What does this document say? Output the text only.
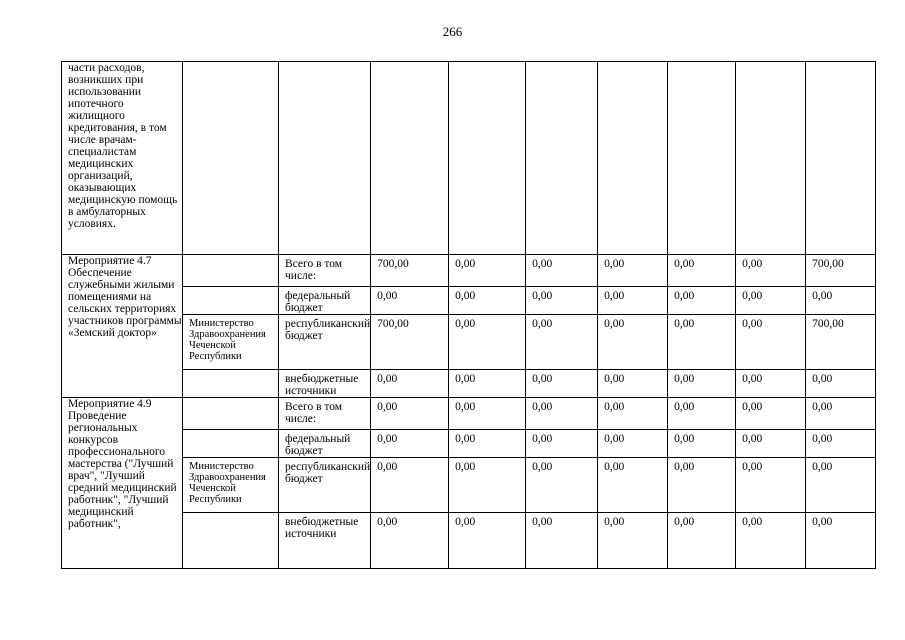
266
части расходов, возникших при использовании ипотечного жилищного кредитования, в том числе врачам-специалистам медицинских организаций, оказывающих медицинскую помощь в амбулаторных условиях.									
Мероприятие 4.7 Обеспечение служебными жилыми помещениями на сельских территориях участников программы «Земский доктор»		Всего в том числе:	700,00	0,00	0,00	0,00	0,00	0,00	700,00
		федеральный бюджет	0,00	0,00	0,00	0,00	0,00	0,00	0,00
	Министерство Здравоохранения Чеченской Республики	республиканский бюджет	700,00	0,00	0,00	0,00	0,00	0,00	700,00
		внебюджетные источники	0,00	0,00	0,00	0,00	0,00	0,00	0,00
Мероприятие 4.9 Проведение региональных конкурсов профессионального мастерства ("Лучший врач", "Лучший средний медицинский работник", "Лучший медицинский работник",		Всего в том числе:	0,00	0,00	0,00	0,00	0,00	0,00	0,00
		федеральный бюджет	0,00	0,00	0,00	0,00	0,00	0,00	0,00
	Министерство Здравоохранения Чеченской Республики	республиканский бюджет	0,00	0,00	0,00	0,00	0,00	0,00	0,00
		внебюджетные источники	0,00	0,00	0,00	0,00	0,00	0,00	0,00
